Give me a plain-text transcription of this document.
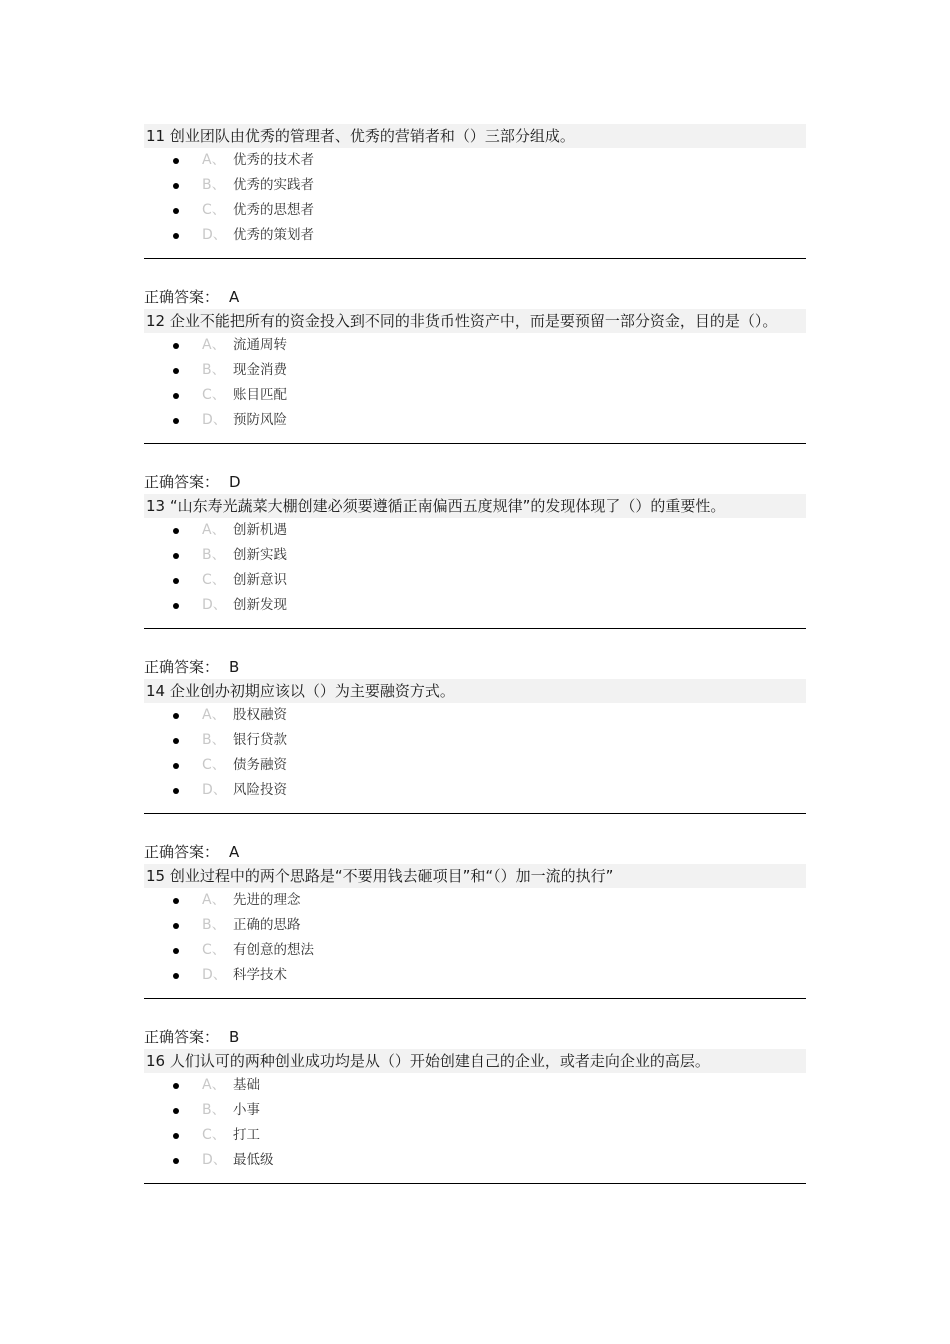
11 创业团队由优秀的管理者、优秀的营销者和（）三部分组成。

A、 优秀的技术者
B、 优秀的实践者
C、 优秀的思想者
D、 优秀的策划者
正确答案： A

12 企业不能把所有的资金投入到不同的非货币性资产中，而是要预留一部分资金，目的是（）。

A、 流通周转
B、 现金消费
C、 账目匹配
D、 预防风险
正确答案： D

13 “山东寿光蔬菜大棚创建必须要遵循正南偏西五度规律”的发现体现了（）的重要性。

A、 创新机遇
B、 创新实践
C、 创新意识
D、 创新发现
正确答案： B

14 企业创办初期应该以（）为主要融资方式。

A、 股权融资
B、 银行贷款
C、 债务融资
D、 风险投资
正确答案： A

15 创业过程中的两个思路是“不要用钱去砸项目”和“（）加一流的执行”

A、 先进的理念
B、 正确的思路
C、 有创意的想法
D、 科学技术
正确答案： B

16 人们认可的两种创业成功均是从（）开始创建自己的企业，或者走向企业的高层。

A、 基础
B、 小事
C、 打工
D、 最低级
